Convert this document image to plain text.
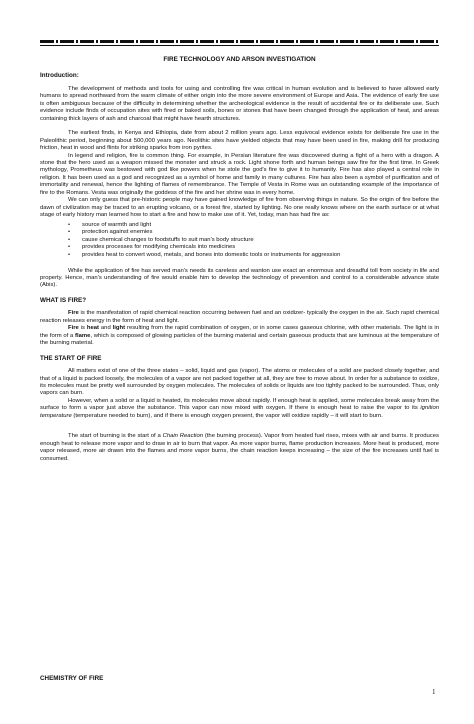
FIRE TECHNOLOGY AND ARSON INVESTIGATION
Introduction:

The development of methods and tools for using and controlling fire was critical in human evolution and is believed to have allowed early humans to spread northward from the warm climate of either origin into the more severe environment of Europe and Asia. The evidence of early fire use is often ambiguous because of the difficulty in determining whether the archeological evidence is the result of accidental fire or its deliberate use. Such evidence include finds of occupation sites with fired or baked soils, bones or stones that have been changed through the application of heat, and areas containing thick layers of ash and charcoal that might have hearth structures.

The earliest finds, in Kenya and Ethiopia, date from about 2 million years ago. Less equivocal evidence exists for deliberate fire use in the Paleolithic period, beginning about 500,000 years ago. Neolithic sites have yielded objects that may have been used in fire, making drill for producing friction, heat in wood and flints for striking sparks from iron pyrites.

In legend and religion, fire is common thing. For example, in Persian literature fire was discovered during a fight of a hero with a dragon. A stone that the hero used as a weapon missed the monster and struck a rock. Light shone forth and human beings saw fire for the first time. In Greek mythology, Prometheus was bestowed with god like powers when he stole the god's fire to give it to humanity. Fire has also played a central role in religion. It has been used as a god and recognized as a symbol of home and family in many cultures. Fire has also been a symbol of purification and of immortality and renewal, hence the lighting of flames of remembrance. The Temple of Vesta in Rome was an outstanding example of the importance of fire to the Romans. Vesta was originally the goddess of the fire and her shrine was in every home.

We can only guess that pre-historic people may have gained knowledge of fire from observing things in nature. So the origin of fire before the dawn of civilization may be traced to an erupting volcano, or a forest fire, started by lighting. No one really knows where on the earth surface or at what stage of early history man learned how to start a fire and how to make use of it. Yet, today, man has had fire as:

• source of warmth and light
• protection against enemies
• cause chemical changes to foodstuffs to suit man's body structure
• provides processes for modifying chemicals into medicines
• provides heat to convert wood, metals, and bones into domestic tools or instruments for aggression

While the application of fire has served man's needs its careless and wanton use exact an enormous and dreadful toll from society in life and property. Hence, man's understanding of fire would enable him to develop the technology of prevention and control to a considerable advance state (Abis).

WHAT IS FIRE?

Fire is the manifestation of rapid chemical reaction occurring between fuel and an oxidizer- typically the oxygen in the air. Such rapid chemical reaction releases energy in the form of heat and light.

Fire is heat and light resulting from the rapid combination of oxygen, or in some cases gaseous chlorine, with other materials. The light is in the form of a flame, which is composed of glowing particles of the burning material and certain gaseous products that are luminous at the temperature of the burning material.

THE START OF FIRE

All matters exist of one of the three states – solid, liquid and gas (vapor). The atoms or molecules of a solid are packed closely together, and that of a liquid is packed loosely, the molecules of a vapor are not packed together at all, they are free to move about. In order for a substance to oxidize, its molecules must be pretty well surrounded by oxygen molecules. The molecules of solids or liquids are too tightly packed to be surrounded. Thus, only vapors can burn.

However, when a solid or a liquid is heated, its molecules move about rapidly. If enough heat is applied, some molecules break away from the surface to form a vapor just above the substance. This vapor can now mixed with oxygen. If there is enough heat to raise the vapor to its ignition temperature (temperature needed to burn), and if there is enough oxygen present, the vapor will oxidize rapidly – it will start to burn.

The start of burning is the start of a Chain Reaction (the burning process). Vapor from heated fuel rises, mixes with air and burns. It produces enough heat to release more vapor and to draw in air to burn that vapor. As more vapor burns, flame production increases. More heat is produced, more vapor released, more air drawn into the flames and more vapor burns, the chain reaction keeps increasing – the size of the fire increases until fuel is consumed.

CHEMISTRY OF FIRE
1
